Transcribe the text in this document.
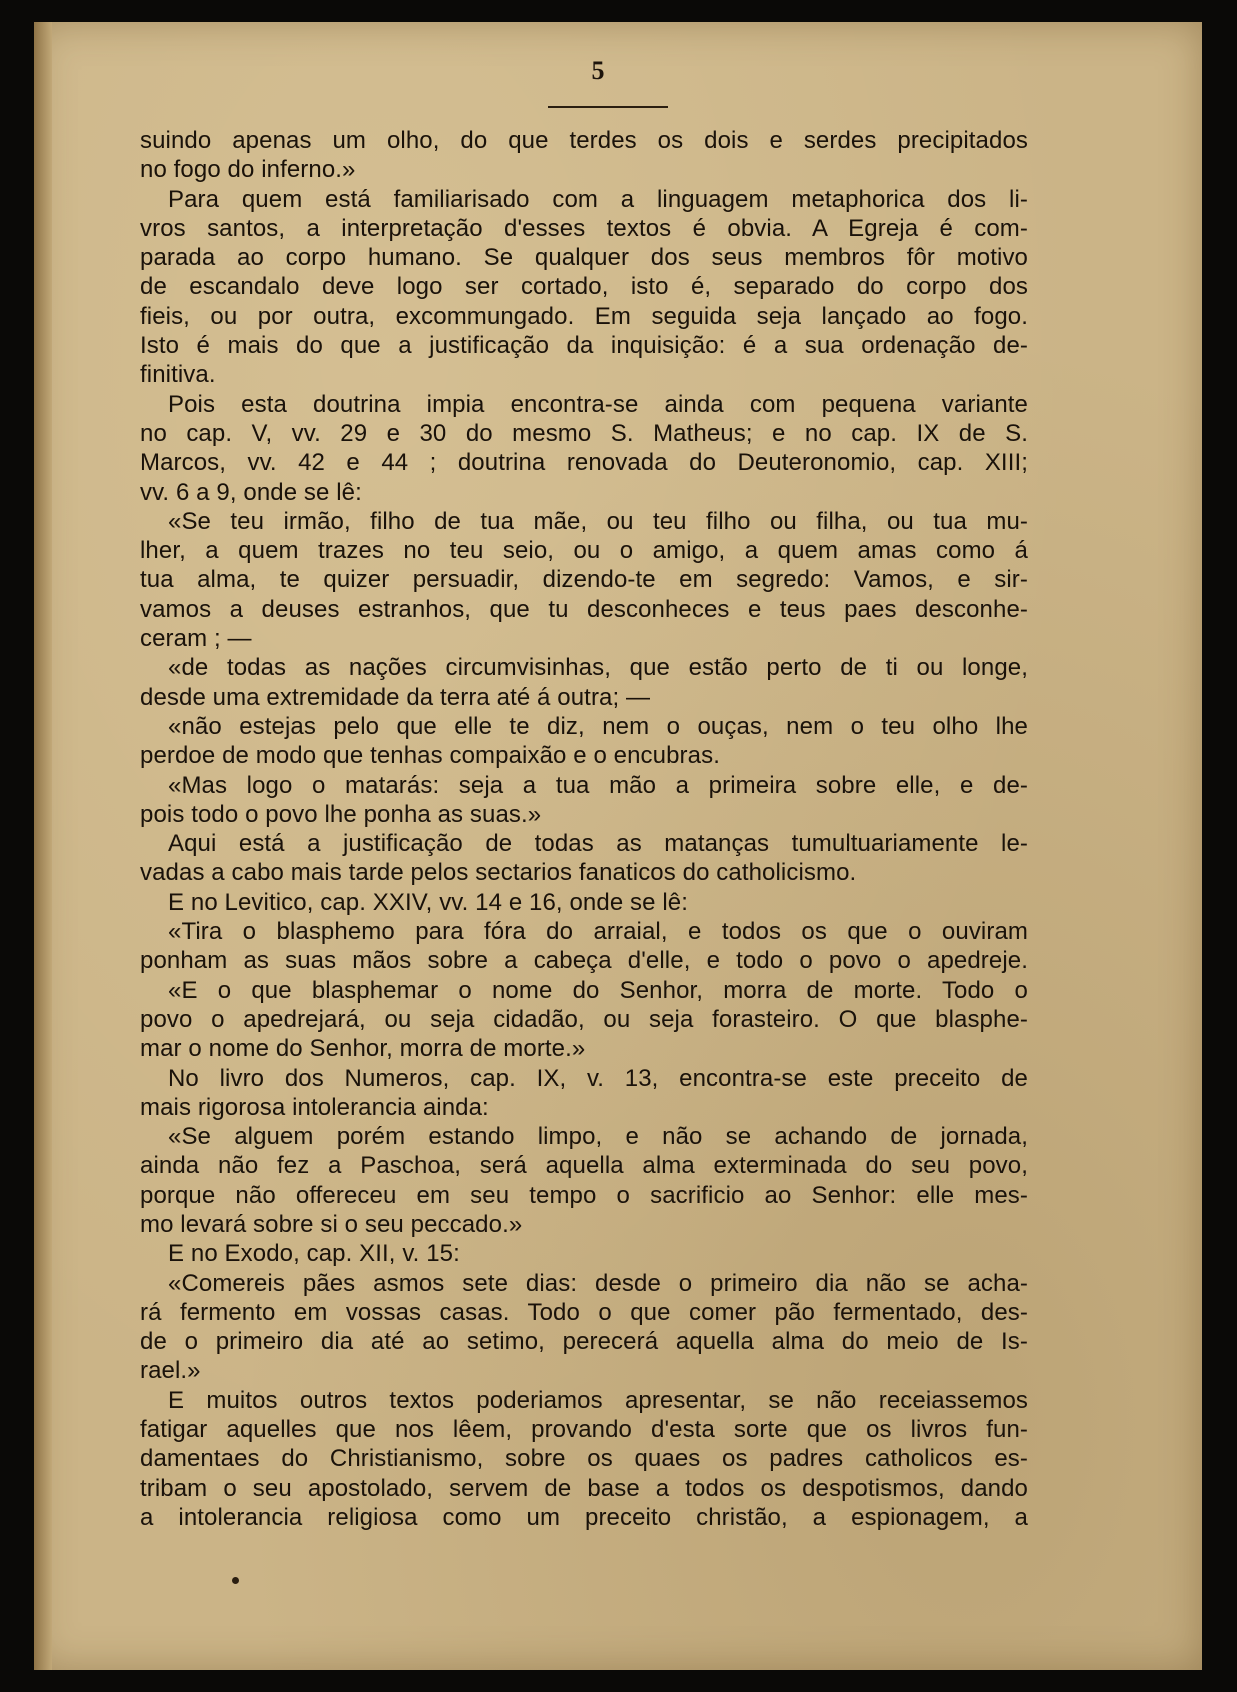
5
suindo apenas um olho, do que terdes os dois e serdes precipitados
no fogo do inferno.»
Para quem está familiarisado com a linguagem metaphorica dos li-
vros santos, a interpretação d'esses textos é obvia. A Egreja é com-
parada ao corpo humano. Se qualquer dos seus membros fôr motivo
de escandalo deve logo ser cortado, isto é, separado do corpo dos
fieis, ou por outra, excommungado. Em seguida seja lançado ao fogo.
Isto é mais do que a justificação da inquisição: é a sua ordenação de-
finitiva.
Pois esta doutrina impia encontra-se ainda com pequena variante
no cap. V, vv. 29 e 30 do mesmo S. Matheus; e no cap. IX de S.
Marcos, vv. 42 e 44 ; doutrina renovada do Deuteronomio, cap. XIII;
vv. 6 a 9, onde se lê:
«Se teu irmão, filho de tua mãe, ou teu filho ou filha, ou tua mu-
lher, a quem trazes no teu seio, ou o amigo, a quem amas como á
tua alma, te quizer persuadir, dizendo-te em segredo: Vamos, e sir-
vamos a deuses estranhos, que tu desconheces e teus paes desconhe-
ceram ; —
«de todas as nações circumvisinhas, que estão perto de ti ou longe,
desde uma extremidade da terra até á outra; —
«não estejas pelo que elle te diz, nem o ouças, nem o teu olho lhe
perdoe de modo que tenhas compaixão e o encubras.
«Mas logo o matarás: seja a tua mão a primeira sobre elle, e de-
pois todo o povo lhe ponha as suas.»
Aqui está a justificação de todas as matanças tumultuariamente le-
vadas a cabo mais tarde pelos sectarios fanaticos do catholicismo.
E no Levitico, cap. XXIV, vv. 14 e 16, onde se lê:
«Tira o blasphemo para fóra do arraial, e todos os que o ouviram
ponham as suas mãos sobre a cabeça d'elle, e todo o povo o apedreje.
«E o que blasphemar o nome do Senhor, morra de morte. Todo o
povo o apedrejará, ou seja cidadão, ou seja forasteiro. O que blasphe-
mar o nome do Senhor, morra de morte.»
No livro dos Numeros, cap. IX, v. 13, encontra-se este preceito de
mais rigorosa intolerancia ainda:
«Se alguem porém estando limpo, e não se achando de jornada,
ainda não fez a Paschoa, será aquella alma exterminada do seu povo,
porque não offereceu em seu tempo o sacrificio ao Senhor: elle mes-
mo levará sobre si o seu peccado.»
E no Exodo, cap. XII, v. 15:
«Comereis pães asmos sete dias: desde o primeiro dia não se acha-
rá fermento em vossas casas. Todo o que comer pão fermentado, des-
de o primeiro dia até ao setimo, perecerá aquella alma do meio de Is-
rael.»
E muitos outros textos poderiamos apresentar, se não receiassemos
fatigar aquelles que nos lêem, provando d'esta sorte que os livros fun-
damentaes do Christianismo, sobre os quaes os padres catholicos es-
tribam o seu apostolado, servem de base a todos os despotismos, dando
a intolerancia religiosa como um preceito christão, a espionagem, a
